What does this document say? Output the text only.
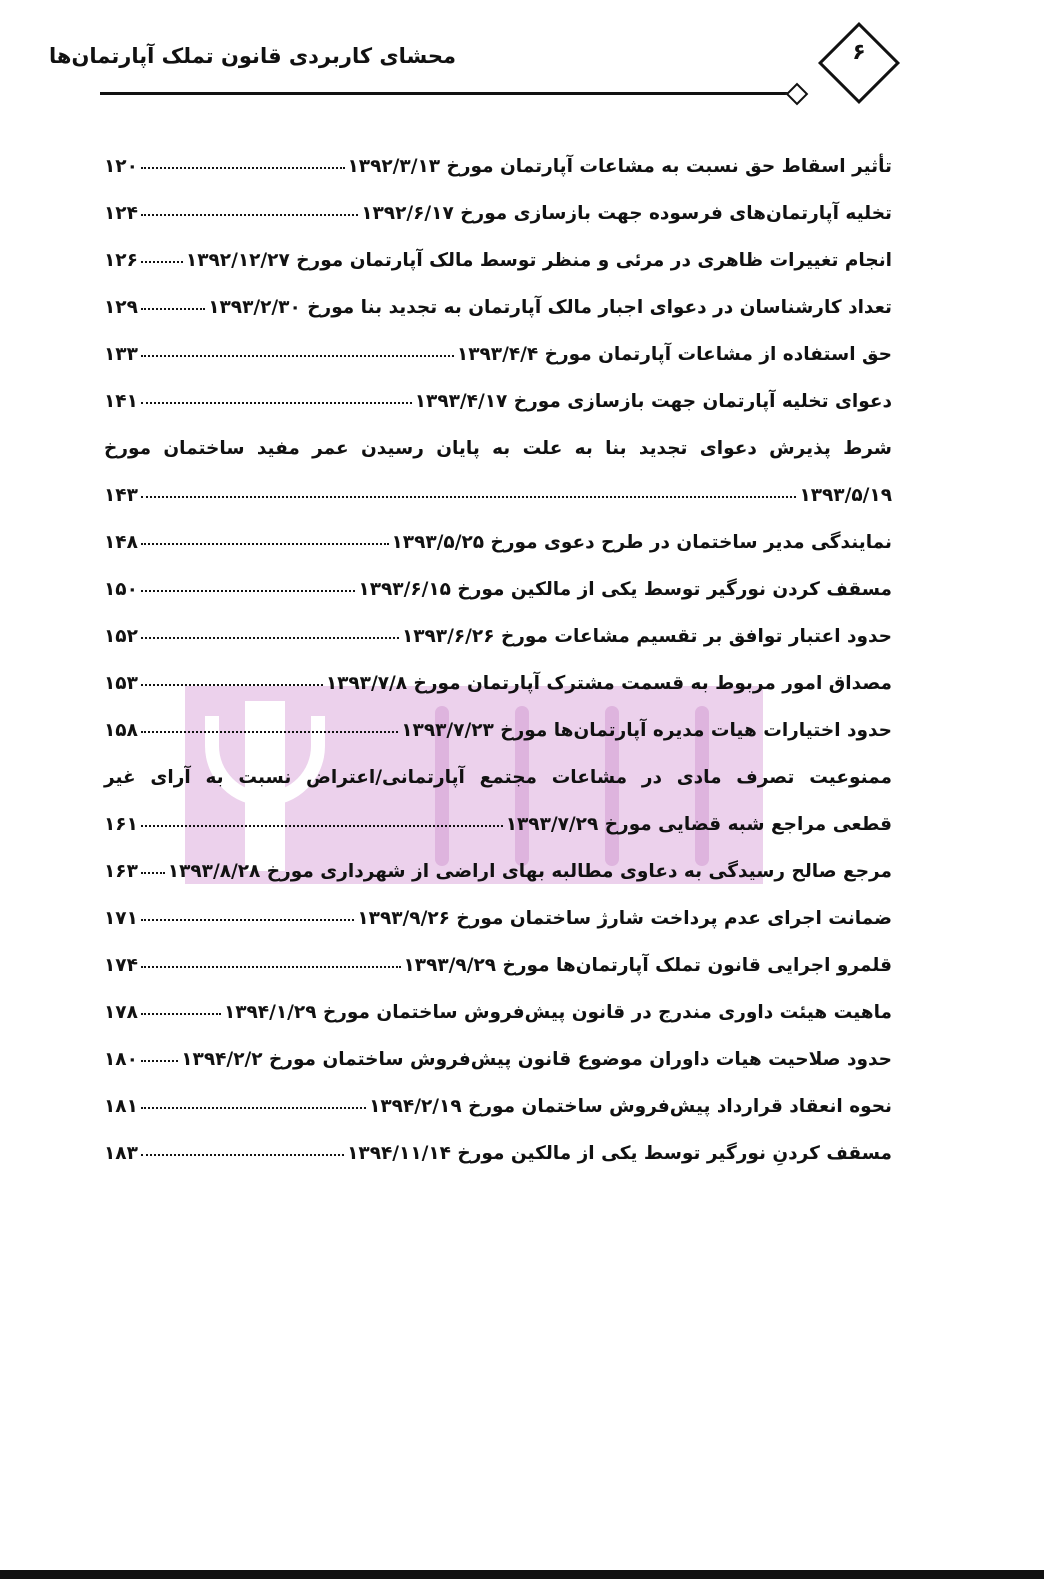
محشای کاربردی قانون تملک آپارتمان‌ها	۶
تأثیر اسقاط حق نسبت به مشاعات آپارتمان مورخ ۱۳۹۲/۳/۱۳
۱۲۰
تخلیه آپارتمان‌های فرسوده جهت بازسازی مورخ ۱۳۹۲/۶/۱۷
۱۲۴
انجام تغییرات ظاهری در مرئی و منظر توسط مالک آپارتمان مورخ ۱۳۹۲/۱۲/۲۷
۱۲۶
تعداد کارشناسان در دعوای اجبار مالک آپارتمان به تجدید بنا مورخ ۱۳۹۳/۲/۳۰
۱۲۹
حق استفاده از مشاعات آپارتمان مورخ ۱۳۹۳/۴/۴
۱۳۳
دعوای تخلیه آپارتمان جهت بازسازی مورخ ۱۳۹۳/۴/۱۷
۱۴۱
شرط پذیرش دعوای تجدید بنا به علت به پایان رسیدن عمر مفید ساختمان مورخ
۱۳۹۳/۵/۱۹
۱۴۳
نمایندگی مدیر ساختمان در طرح دعوی مورخ ۱۳۹۳/۵/۲۵
۱۴۸
مسقف کردن نورگیر توسط یکی از مالکین مورخ ۱۳۹۳/۶/۱۵
۱۵۰
حدود اعتبار توافق بر تقسیم مشاعات مورخ ۱۳۹۳/۶/۲۶
۱۵۲
مصداق امور مربوط به قسمت مشترک آپارتمان مورخ ۱۳۹۳/۷/۸
۱۵۳
حدود اختیارات هیات مدیره آپارتمان‌ها مورخ ۱۳۹۳/۷/۲۳
۱۵۸
ممنوعیت تصرف مادی در مشاعات مجتمع آپارتمانی/اعتراض نسبت به آرای غیر
قطعی مراجع شبه قضایی مورخ ۱۳۹۳/۷/۲۹
۱۶۱
مرجع صالح رسیدگی به دعاوی مطالبه بهای اراضی از شهرداری مورخ ۱۳۹۳/۸/۲۸
۱۶۳
ضمانت اجرای عدم پرداخت شارژ ساختمان مورخ ۱۳۹۳/۹/۲۶
۱۷۱
قلمرو اجرایی قانون تملک آپارتمان‌ها مورخ ۱۳۹۳/۹/۲۹
۱۷۴
ماهیت هیئت داوری مندرج در قانون پیش‌فروش ساختمان مورخ ۱۳۹۴/۱/۲۹
۱۷۸
حدود صلاحیت هیات داوران موضوع قانون پیش‌فروش ساختمان مورخ ۱۳۹۴/۲/۲
۱۸۰
نحوه انعقاد قرارداد پیش‌فروش ساختمان مورخ ۱۳۹۴/۲/۱۹
۱۸۱
مسقف کردنِ نورگیر توسط یکی از مالکین مورخ ۱۳۹۴/۱۱/۱۴
۱۸۳
